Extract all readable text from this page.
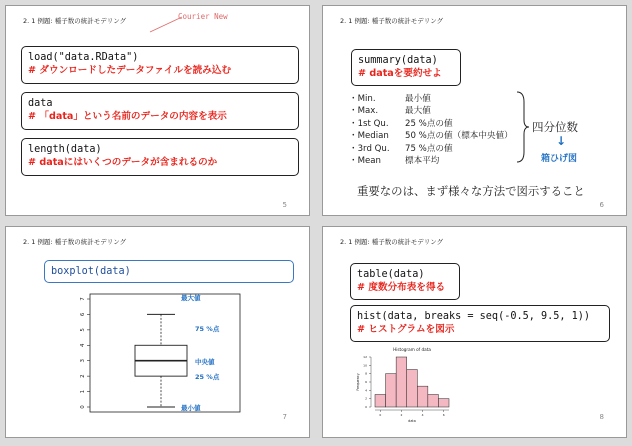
2. 1 例題: 種子数の統計モデリング	Courier New
load("data.RData")
# ダウンロードしたデータファイルを読み込む
data
# 「data」という名前のデータの内容を表示
length(data)
# dataにはいくつのデータが含まれるのか
5
2. 1 例題: 種子数の統計モデリング
summary(data)
# dataを要約せよ
・Min.	最小値
・Max.	最大値
・1st Qu. 25 %点の値
・Median 50 %点の値（標本中央値）
・3rd Qu. 75 %点の値
・Mean	標本平均
四分位数
↓
箱ひげ図
重要なのは、まず様々な方法で図示すること
6
2. 1 例題: 種子数の統計モデリング
boxplot(data)
0
1
2
3
4
5
6
7
7
最大値
75 %点
中央値
25 %点
最小値
2. 1 例題: 種子数の統計モデリング
table(data)
# 度数分布表を得る
hist(data, breaks = seq(-0.5, 9.5, 1))
# ヒストグラムを図示
Histogram of data
0
2
4
6
8
10
12
0	2	4	6
data
Frequency
8
